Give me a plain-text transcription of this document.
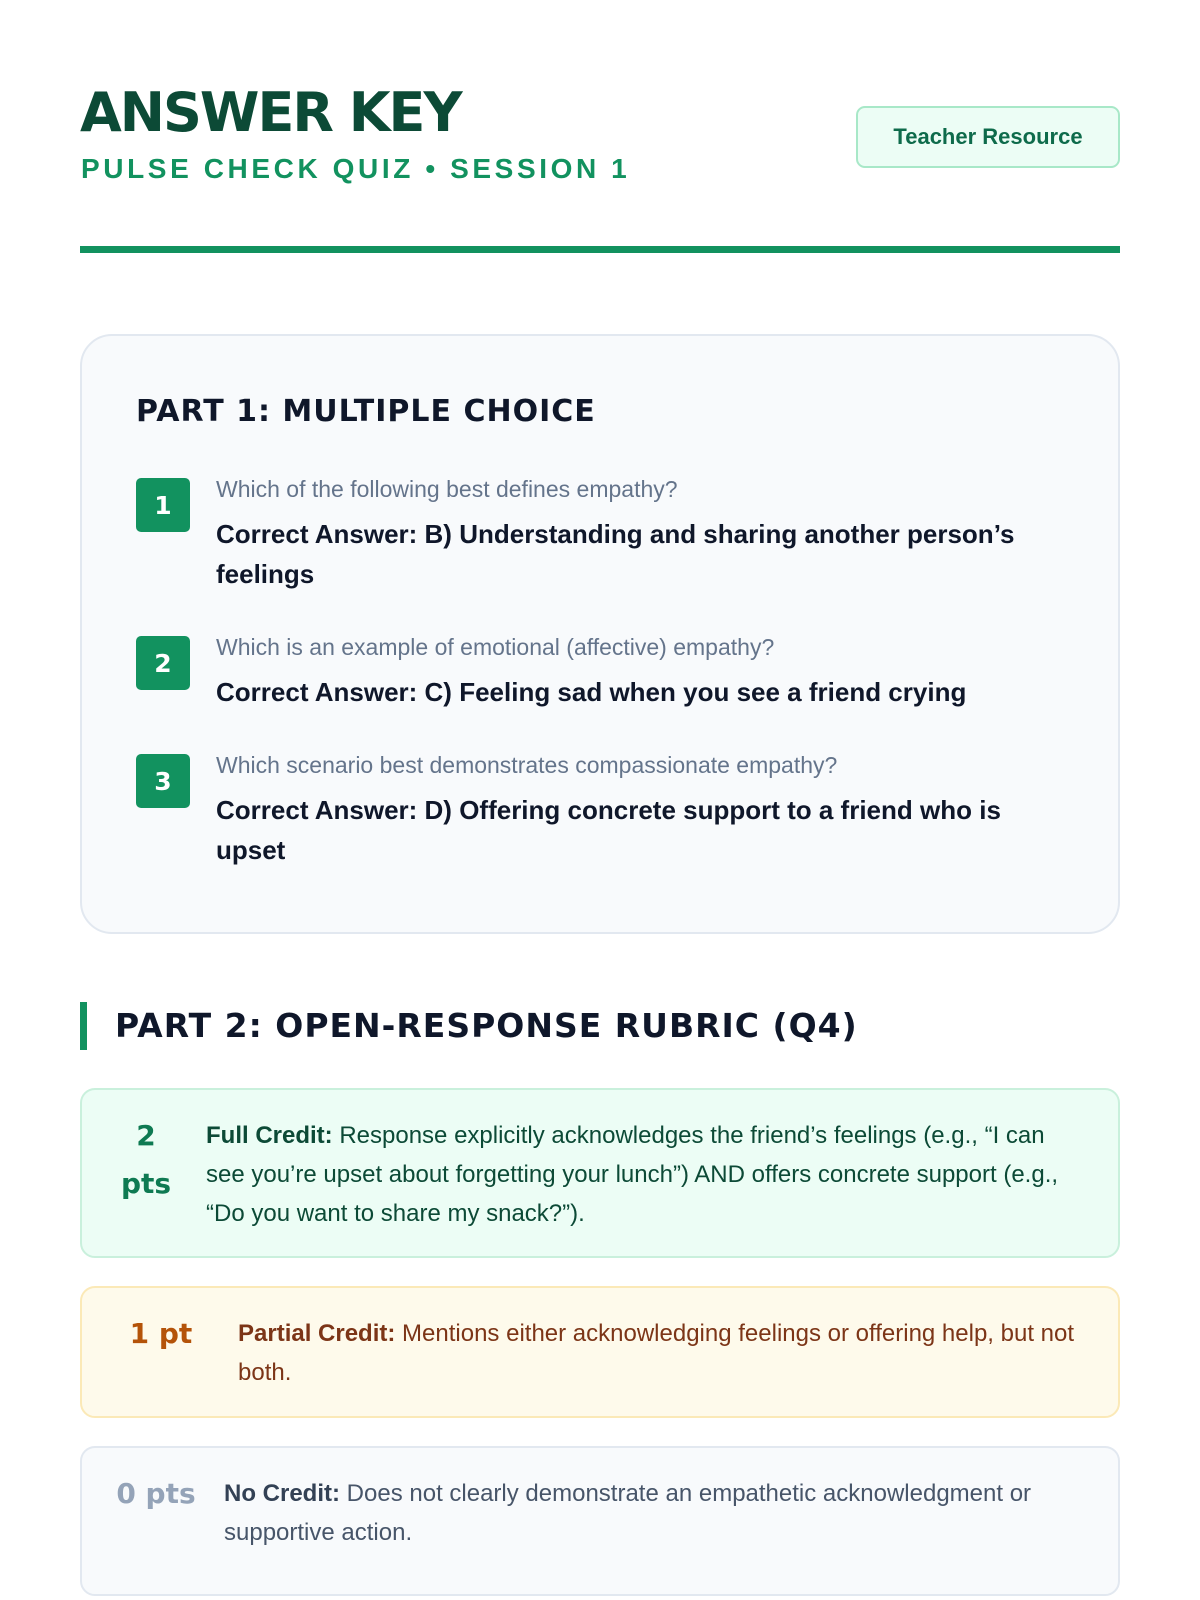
ANSWER KEY
PULSE CHECK QUIZ • SESSION 1
Teacher Resource
PART 1: MULTIPLE CHOICE
1
Which of the following best defines empathy?
Correct Answer: B) Understanding and sharing another person’s feelings
2
Which is an example of emotional (affective) empathy?
Correct Answer: C) Feeling sad when you see a friend crying
3
Which scenario best demonstrates compassionate empathy?
Correct Answer: D) Offering concrete support to a friend who is upset
PART 2: OPEN-RESPONSE RUBRIC (Q4)
2 pts
Full Credit: Response explicitly acknowledges the friend’s feelings (e.g., “I can see you’re upset about forgetting your lunch”) AND offers concrete support (e.g., “Do you want to share my snack?”).
1 pt	Partial Credit: Mentions either acknowledging feelings or offering help, but not both.
0 pts	No Credit: Does not clearly demonstrate an empathetic acknowledgment or supportive action.
